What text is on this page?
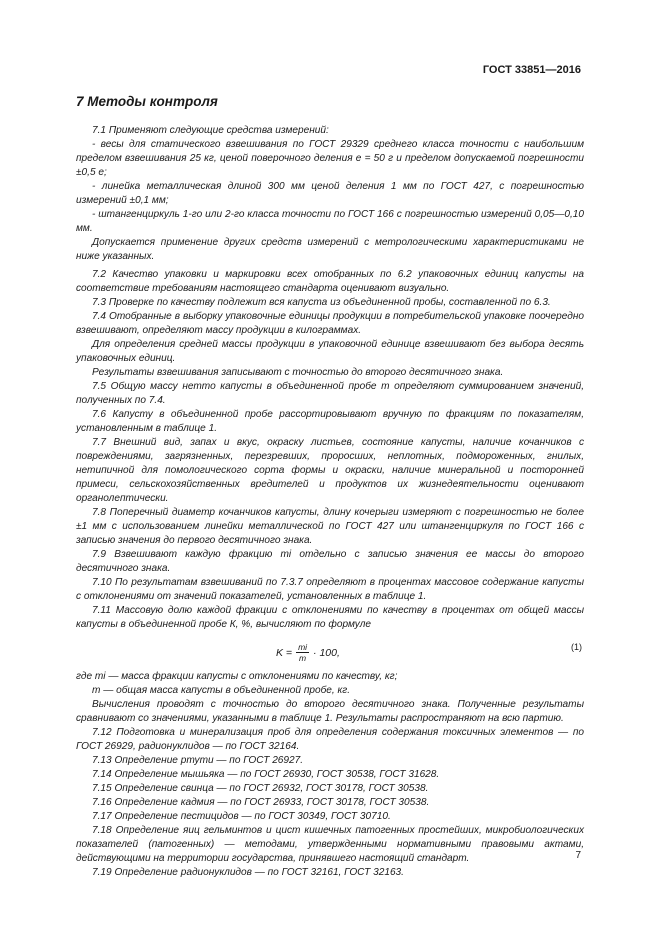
ГОСТ 33851—2016
7 Методы контроля

7.1 Применяют следующие средства измерений:

- весы для статического взвешивания по ГОСТ 29329 среднего класса точности с наибольшим пределом взвешивания 25 кг, ценой поверочного деления e = 50 г и пределом допускаемой погрешности ±0,5 e;

- линейка металлическая длиной 300 мм ценой деления 1 мм по ГОСТ 427, с погрешностью измерений ±0,1 мм;

- штангенциркуль 1-го или 2-го класса точности по ГОСТ 166 с погрешностью измерений 0,05—0,10 мм.

Допускается применение других средств измерений с метрологическими характеристиками не ниже указанных.

7.2 Качество упаковки и маркировки всех отобранных по 6.2 упаковочных единиц капусты на соответствие требованиям настоящего стандарта оценивают визуально.

7.3 Проверке по качеству подлежит вся капуста из объединенной пробы, составленной по 6.3.

7.4 Отобранные в выборку упаковочные единицы продукции в потребительской упаковке поочередно взвешивают, определяют массу продукции в килограммах.

Для определения средней массы продукции в упаковочной единице взвешивают без выбора десять упаковочных единиц.

Результаты взвешивания записывают с точностью до второго десятичного знака.

7.5 Общую массу нетто капусты в объединенной пробе m определяют суммированием значений, полученных по 7.4.

7.6 Капусту в объединенной пробе рассортировывают вручную по фракциям по показателям, установленным в таблице 1.

7.7 Внешний вид, запах и вкус, окраску листьев, состояние капусты, наличие кочанчиков с повреждениями, загрязненных, перезревших, проросших, неплотных, подмороженных, гнилых, нетипичной для помологического сорта формы и окраски, наличие минеральной и посторонней примеси, сельскохозяйственных вредителей и продуктов их жизнедеятельности оценивают органолептически.

7.8 Поперечный диаметр кочанчиков капусты, длину кочерыги измеряют с погрешностью не более ±1 мм с использованием линейки металлической по ГОСТ 427 или штангенциркуля по ГОСТ 166 с записью значения до первого десятичного знака.

7.9 Взвешивают каждую фракцию mi отдельно с записью значения ее массы до второго десятичного знака.

7.10 По результатам взвешиваний по 7.3.7 определяют в процентах массовое содержание капусты с отклонениями от значений показателей, установленных в таблице 1.

7.11 Массовую долю каждой фракции с отклонениями по качеству в процентах от общей массы капусты в объединенной пробе К, %, вычисляют по формуле

$K = \frac{mi}{m} \cdot 100$,	(1)

где mi — масса фракции капусты с отклонениями по качеству, кг;

m — общая масса капусты в объединенной пробе, кг.

Вычисления проводят с точностью до второго десятичного знака. Полученные результаты сравнивают со значениями, указанными в таблице 1. Результаты распространяют на всю партию.

7.12 Подготовка и минерализация проб для определения содержания токсичных элементов — по ГОСТ 26929, радионуклидов — по ГОСТ 32164.

7.13 Определение ртути — по ГОСТ 26927.

7.14 Определение мышьяка — по ГОСТ 26930, ГОСТ 30538, ГОСТ 31628.

7.15 Определение свинца — по ГОСТ 26932, ГОСТ 30178, ГОСТ 30538.

7.16 Определение кадмия — по ГОСТ 26933, ГОСТ 30178, ГОСТ 30538.

7.17 Определение пестицидов — по ГОСТ 30349, ГОСТ 30710.

7.18 Определение яиц гельминтов и цист кишечных патогенных простейших, микробиологических показателей (патогенных) — методами, утвержденными нормативными правовыми актами, действующими на территории государства, принявшего настоящий стандарт.

7.19 Определение радионуклидов — по ГОСТ 32161, ГОСТ 32163.

7
